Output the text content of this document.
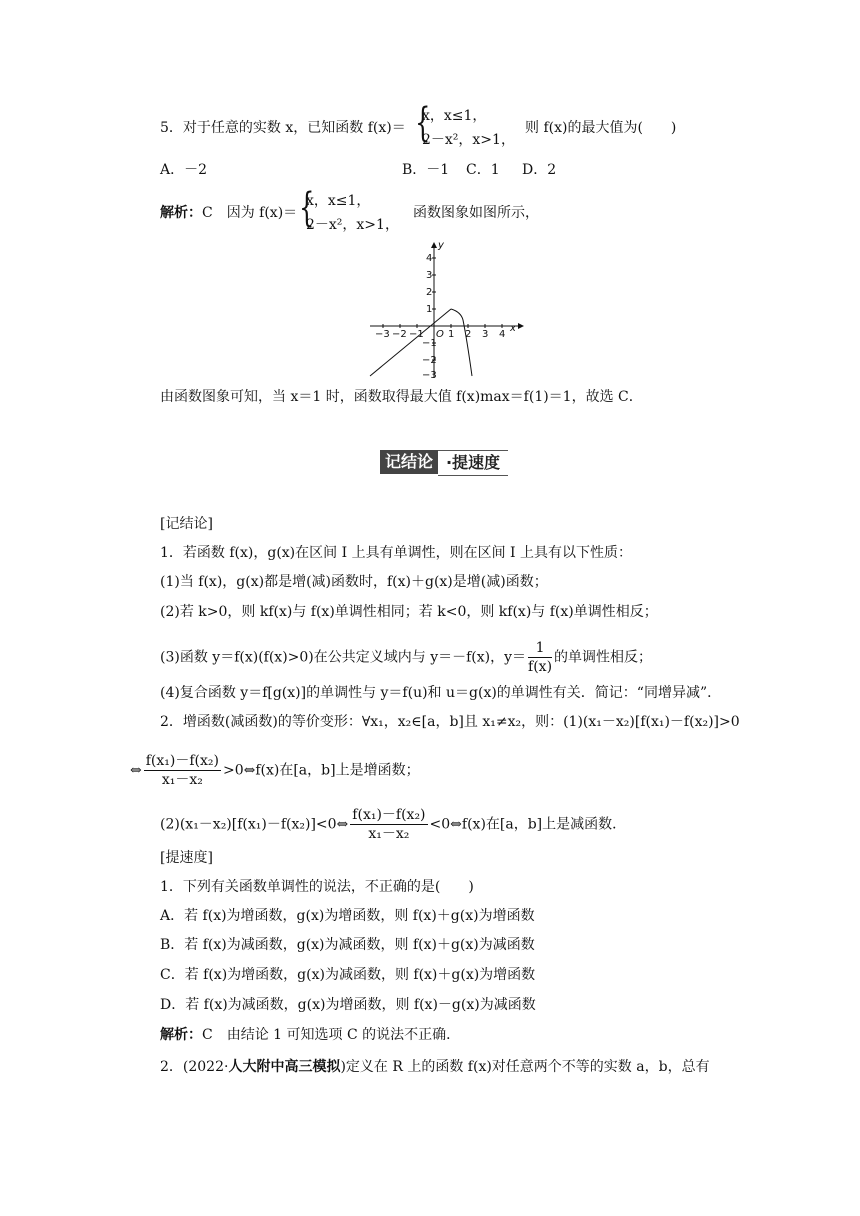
5．对于任意的实数 x，已知函数 f(x)＝ {
x，x≤1，
2－x²，x>1，
则 f(x)的最大值为(　　)
A．－2	B．－1 C．1 D．2
解析：C　因为 f(x)＝ {
x，x≤1，
2－x²，x>1，
函数图象如图所示，
x
y
−3 −2 −1 O 1 2 3 4
4
3
2
1
−1
−2
−3
由函数图象可知，当 x＝1 时，函数取得最大值 f(x)max＝f(1)＝1，故选 C．
记结论 ·提速度
[记结论]
1．若函数 f(x)，g(x)在区间 I 上具有单调性，则在区间 I 上具有以下性质：
(1)当 f(x)，g(x)都是增(减)函数时，f(x)＋g(x)是增(减)函数；
(2)若 k>0，则 kf(x)与 f(x)单调性相同；若 k<0，则 kf(x)与 f(x)单调性相反；
(3)函数 y＝f(x)(f(x)>0)在公共定义域内与 y＝－f(x)，$y= \frac{1}{f(x)}$ 的单调性相反；
(4)复合函数 y＝f[g(x)]的单调性与 y＝f(u)和 u＝g(x)的单调性有关．简记：“同增异减”．
2．增函数(减函数)的等价变形：∀x₁，x₂∈[a，b]且 x₁≠x₂，则：(1)(x₁－x₂)[f(x₁)－f(x₂)]>0
⇔ $\frac{\text{f(x₁)－f(x₂)}}{\text{x₁－x₂}}$ >0⇔f(x)在[a，b]上是增函数；
(2)(x₁－x₂)[f(x₁)－f(x₂)]<0⇔ $\frac{\text{f(x₁)－f(x₂)}}{\text{x₁－x₂}}$ <0⇔f(x)在[a，b]上是减函数．
[提速度]
1．下列有关函数单调性的说法，不正确的是(　　)
A．若 f(x)为增函数，g(x)为增函数，则 f(x)＋g(x)为增函数
B．若 f(x)为减函数，g(x)为减函数，则 f(x)＋g(x)为减函数
C．若 f(x)为增函数，g(x)为减函数，则 f(x)＋g(x)为增函数
D．若 f(x)为减函数，g(x)为增函数，则 f(x)－g(x)为减函数
解析：C　由结论 1 可知选项 C 的说法不正确．
2．(2022·人大附中高三模拟)定义在 R 上的函数 f(x)对任意两个不等的实数 a，b，总有
